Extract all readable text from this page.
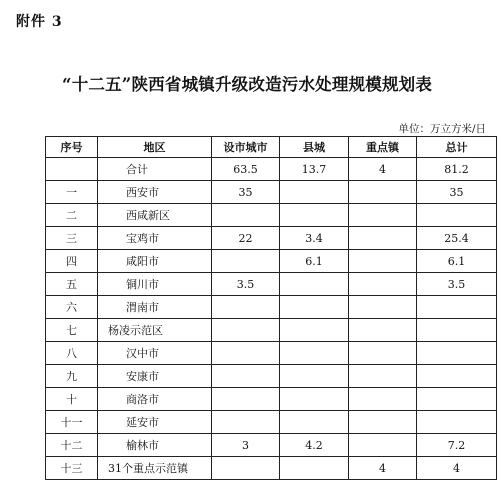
附件 3
“十二五”陕西省城镇升级改造污水处理规模规划表
单位：万立方米/日
序号	地区	设市城市	县城	重点镇	总计
	合计	63.5	13.7	4	81.2
一	西安市	35			35
二	西咸新区				
三	宝鸡市	22	3.4		25.4
四	咸阳市		6.1		6.1
五	铜川市	3.5			3.5
六	渭南市				
七	杨凌示范区				
八	汉中市				
九	安康市				
十	商洛市				
十一	延安市				
十二	榆林市	3	4.2		7.2
十三	31个重点示范镇			4	4
